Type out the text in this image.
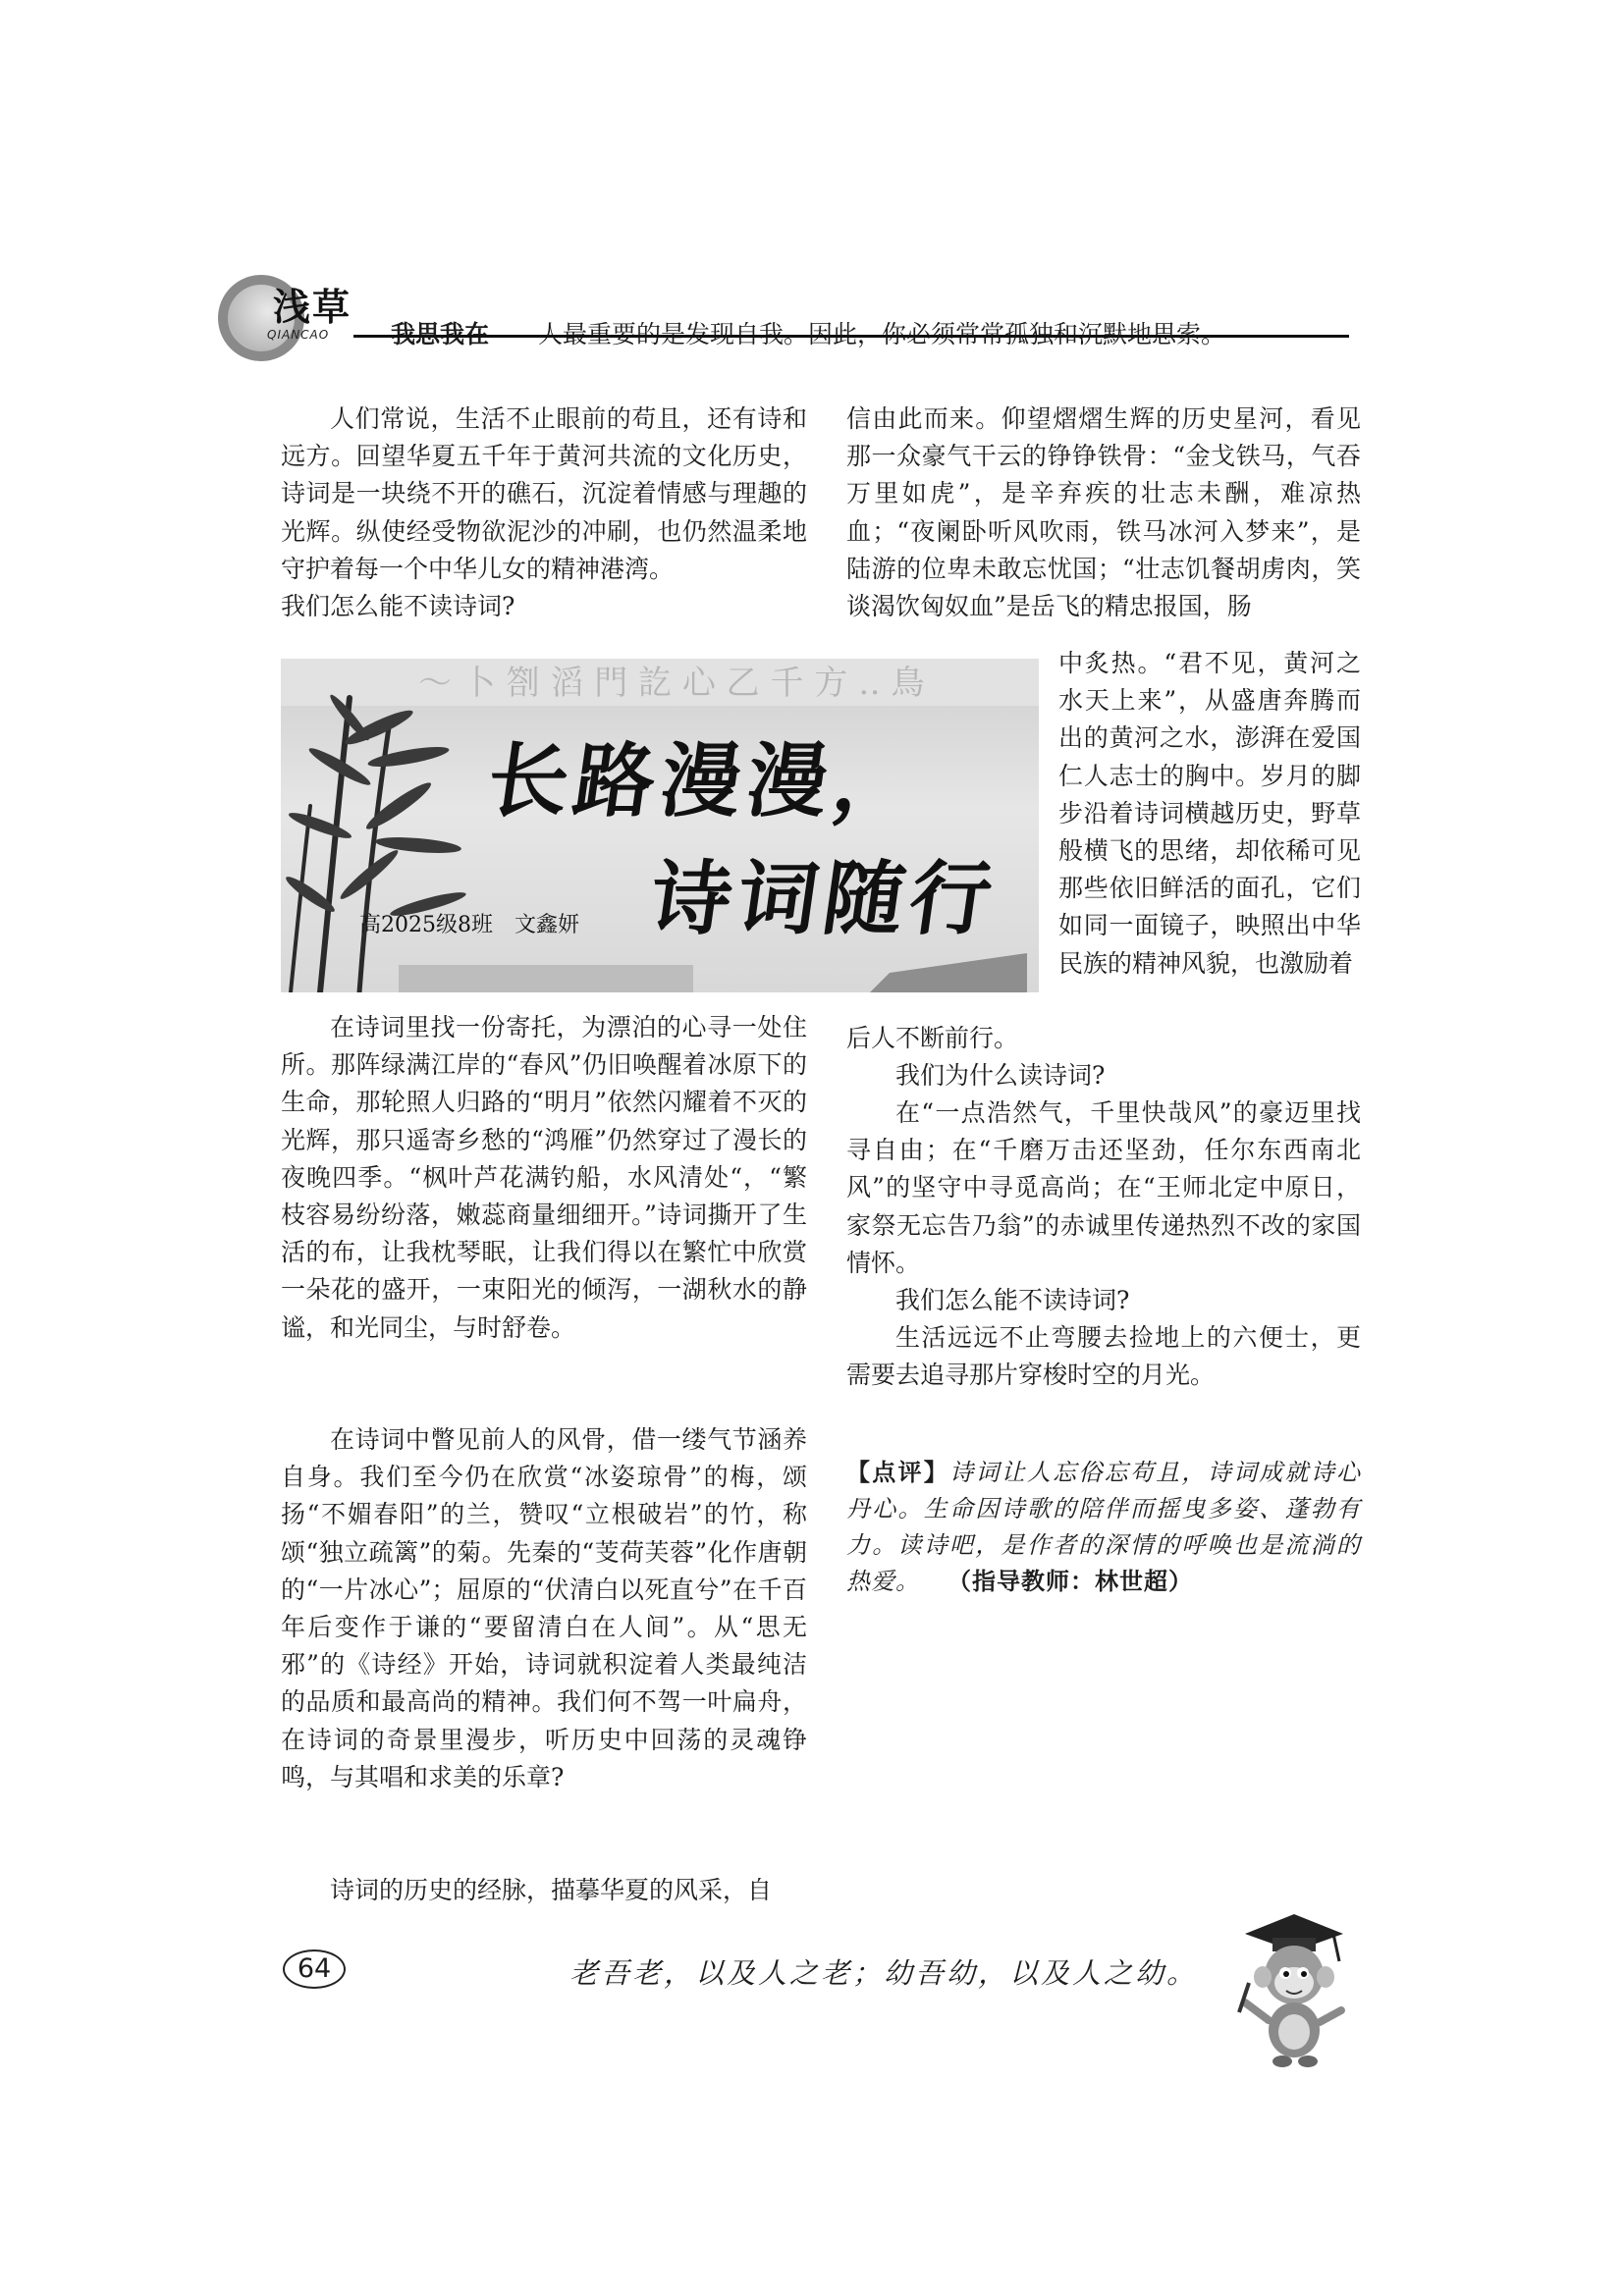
浅草
QIANCAO	我思我在——人最重要的是发现自我。因此，你必须常常孤独和沉默地思索。

人们常说，生活不止眼前的苟且，还有诗和远方。回望华夏五千年于黄河共流的文化历史，诗词是一块绕不开的礁石，沉淀着情感与理趣的光辉。纵使经受物欲泥沙的冲刷，也仍然温柔地守护着每一个中华儿女的精神港湾。

我们怎么能不读诗词?

〜 卜 劄 滔 門 訖 心 乙 千 方 ‥ 鳥
长路漫漫，
诗词随行
高2025级8班　文鑫妍

在诗词里找一份寄托，为漂泊的心寻一处住所。那阵绿满江岸的“春风”仍旧唤醒着冰原下的生命，那轮照人归路的“明月”依然闪耀着不灭的光辉，那只遥寄乡愁的“鸿雁”仍然穿过了漫长的夜晚四季。“枫叶芦花满钓船，水风清处“，“繁枝容易纷纷落，嫩蕊商量细细开。”诗词撕开了生活的布，让我枕琴眠，让我们得以在繁忙中欣赏一朵花的盛开，一束阳光的倾泻，一湖秋水的静谧，和光同尘，与时舒卷。

在诗词中瞥见前人的风骨，借一缕气节涵养自身。我们至今仍在欣赏“冰姿琼骨”的梅，颂扬“不媚春阳”的兰，赞叹“立根破岩”的竹，称颂“独立疏篱”的菊。先秦的“芰荷芙蓉”化作唐朝的“一片冰心”；屈原的“伏清白以死直兮”在千百年后变作于谦的“要留清白在人间”。从“思无邪”的《诗经》开始，诗词就积淀着人类最纯洁的品质和最高尚的精神。我们何不驾一叶扁舟，在诗词的奇景里漫步，听历史中回荡的灵魂铮鸣，与其唱和求美的乐章?

诗词的历史的经脉，描摹华夏的风采，自

信由此而来。仰望熠熠生辉的历史星河，看见那一众豪气干云的铮铮铁骨：“金戈铁马，气吞万里如虎”，是辛弃疾的壮志未酬，难凉热血；“夜阑卧听风吹雨，铁马冰河入梦来”，是陆游的位卑未敢忘忧国；“壮志饥餐胡虏肉，笑谈渴饮匈奴血”是岳飞的精忠报国，肠

中炙热。“君不见，黄河之水天上来”，从盛唐奔腾而出的黄河之水，澎湃在爱国仁人志士的胸中。岁月的脚步沿着诗词横越历史，野草般横飞的思绪，却依稀可见那些依旧鲜活的面孔，它们如同一面镜子，映照出中华民族的精神风貌，也激励着

后人不断前行。

我们为什么读诗词?

在“一点浩然气，千里快哉风”的豪迈里找寻自由；在“千磨万击还坚劲，任尔东西南北风”的坚守中寻觅高尚；在“王师北定中原日，家祭无忘告乃翁”的赤诚里传递热烈不改的家国情怀。

我们怎么能不读诗词?

生活远远不止弯腰去捡地上的六便士，更需要去追寻那片穿梭时空的月光。

【点评】诗词让人忘俗忘苟且，诗词成就诗心丹心。生命因诗歌的陪伴而摇曳多姿、蓬勃有力。读诗吧，是作者的深情的呼唤也是流淌的热爱。 （指导教师：林世超）
64	老吾老，以及人之老；幼吾幼，以及人之幼。
